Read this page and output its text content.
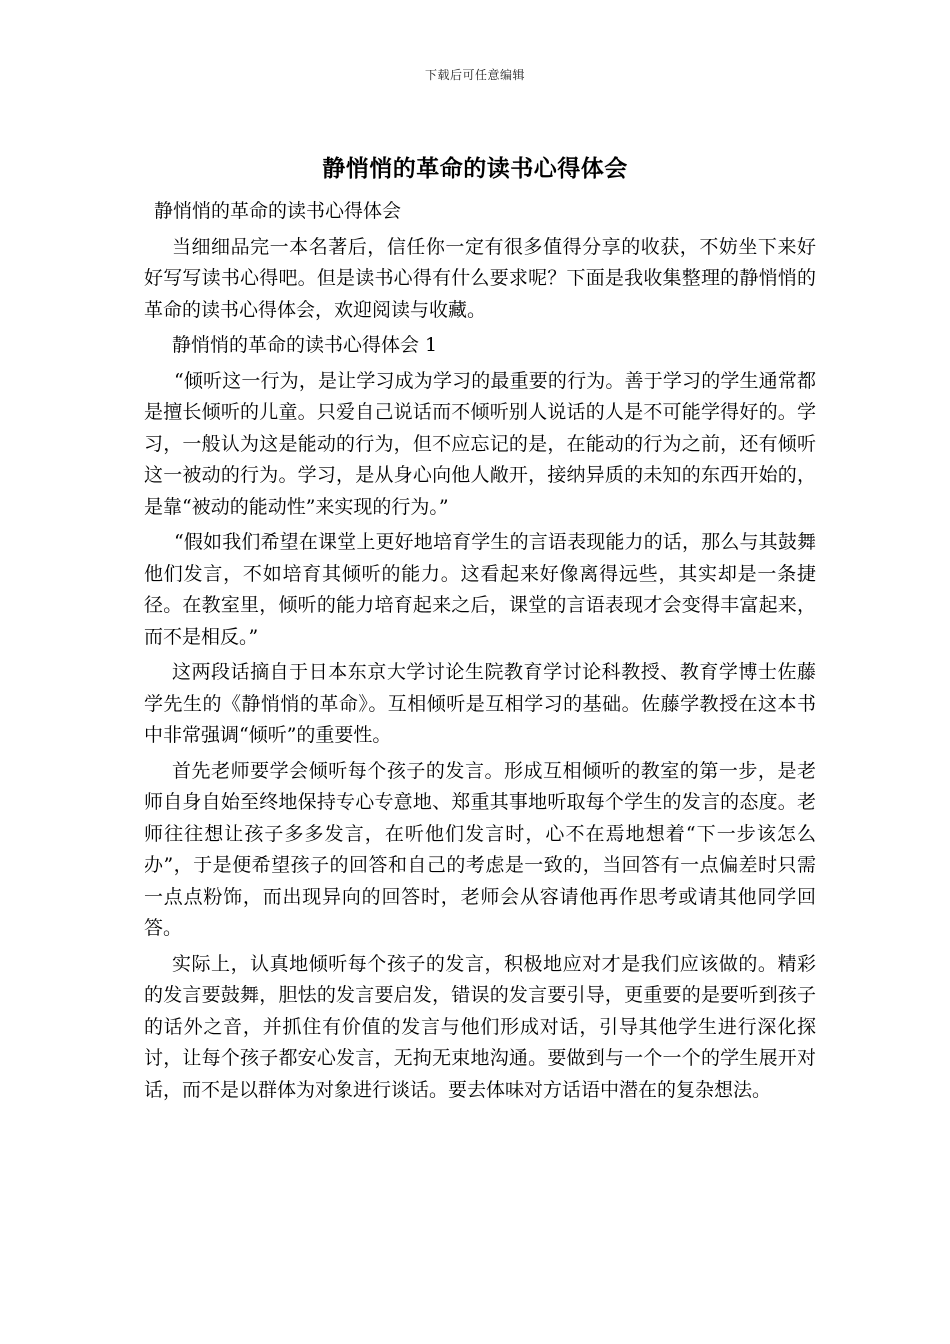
下载后可任意编辑
静悄悄的革命的读书心得体会

静悄悄的革命的读书心得体会

当细细品完一本名著后，信任你一定有很多值得分享的收获，不妨坐下来好好写写读书心得吧。但是读书心得有什么要求呢？下面是我收集整理的静悄悄的革命的读书心得体会，欢迎阅读与收藏。

静悄悄的革命的读书心得体会 1

“倾听这一行为，是让学习成为学习的最重要的行为。善于学习的学生通常都是擅长倾听的儿童。只爱自己说话而不倾听别人说话的人是不可能学得好的。学习，一般认为这是能动的行为，但不应忘记的是，在能动的行为之前，还有倾听这一被动的行为。学习，是从身心向他人敞开，接纳异质的未知的东西开始的，是靠“被动的能动性”来实现的行为。”

“假如我们希望在课堂上更好地培育学生的言语表现能力的话，那么与其鼓舞他们发言，不如培育其倾听的能力。这看起来好像离得远些，其实却是一条捷径。在教室里，倾听的能力培育起来之后，课堂的言语表现才会变得丰富起来，而不是相反。”

这两段话摘自于日本东京大学讨论生院教育学讨论科教授、教育学博士佐藤学先生的《静悄悄的革命》。互相倾听是互相学习的基础。佐藤学教授在这本书中非常强调“倾听”的重要性。

首先老师要学会倾听每个孩子的发言。形成互相倾听的教室的第一步，是老师自身自始至终地保持专心专意地、郑重其事地听取每个学生的发言的态度。老师往往想让孩子多多发言，在听他们发言时，心不在焉地想着“下一步该怎么办”，于是便希望孩子的回答和自己的考虑是一致的，当回答有一点偏差时只需一点点粉饰，而出现异向的回答时，老师会从容请他再作思考或请其他同学回答。

实际上，认真地倾听每个孩子的发言，积极地应对才是我们应该做的。精彩的发言要鼓舞，胆怯的发言要启发，错误的发言要引导，更重要的是要听到孩子的话外之音，并抓住有价值的发言与他们形成对话，引导其他学生进行深化探讨，让每个孩子都安心发言，无拘无束地沟通。要做到与一个一个的学生展开对话，而不是以群体为对象进行谈话。要去体味对方话语中潜在的复杂想法。
